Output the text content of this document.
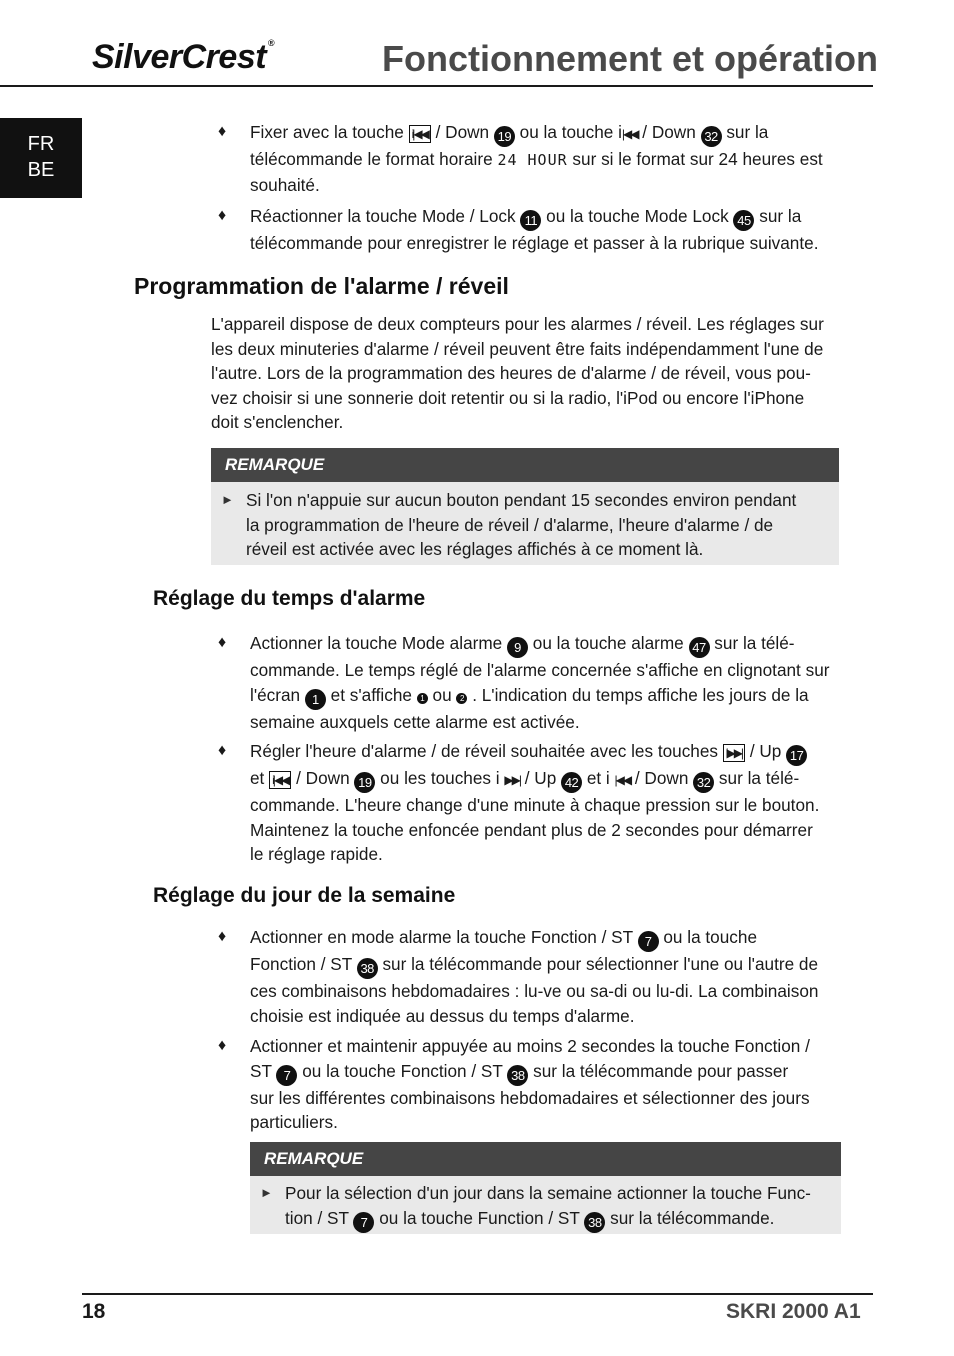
SilverCrest ®	Fonctionnement et opération
FR
BE
♦ Fixer avec la touche i|◀◀ / Down 19 ou la touche i|◀◀ / Down 32 sur la
télécommande le format horaire 24 HOUR sur si le format sur 24 heures est
souhaité.
♦ Réactionner la touche Mode / Lock 11 ou la touche Mode Lock 45 sur la
télécommande pour enregistrer le réglage et passer à la rubrique suivante.
Programmation de l'alarme / réveil
L'appareil dispose de deux compteurs pour les alarmes / réveil. Les réglages sur
les deux minuteries d'alarme / réveil peuvent être faits indépendamment l'une de
l'autre. Lors de la programmation des heures de d'alarme / de réveil, vous pou-
vez choisir si une sonnerie doit retentir ou si la radio, l'iPod ou encore l'iPhone
doit s'enclencher.
REMARQUE
► Si l'on n'appuie sur aucun bouton pendant 15 secondes environ pendant
la programmation de l'heure de réveil / d'alarme, l'heure d'alarme / de
réveil est activée avec les réglages affichés à ce moment là.
Réglage du temps d'alarme
♦ Actionner la touche Mode alarme 9 ou la touche alarme 47 sur la télé-
commande. Le temps réglé de l'alarme concernée s'affiche en clignotant sur
l'écran 1 et s'affiche 1 ou 2 . L'indication du temps affiche les jours de la
semaine auxquels cette alarme est activée.
♦ Régler l'heure d'alarme / de réveil souhaitée avec les touches i▶▶| / Up 17
et i|◀◀ / Down 19 ou les touches i ▶▶| / Up 42 et i |◀◀ / Down 32 sur la télé-
commande. L'heure change d'une minute à chaque pression sur le bouton.
Maintenez la touche enfoncée pendant plus de 2 secondes pour démarrer
le réglage rapide.
Réglage du jour de la semaine
♦ Actionner en mode alarme la touche Fonction / ST 7 ou la touche
Fonction / ST 38 sur la télécommande pour sélectionner l'une ou l'autre de
ces combinaisons hebdomadaires : lu-ve ou sa-di ou lu-di. La combinaison
choisie est indiquée au dessus du temps d'alarme.
♦ Actionner et maintenir appuyée au moins 2 secondes la touche Fonction /
ST 7 ou la touche Fonction / ST 38 sur la télécommande pour passer
sur les différentes combinaisons hebdomadaires et sélectionner des jours
particuliers.
REMARQUE
► Pour la sélection d'un jour dans la semaine actionner la touche Func-
tion / ST 7 ou la touche Function / ST 38 sur la télécommande.
18	SKRI 2000 A1
